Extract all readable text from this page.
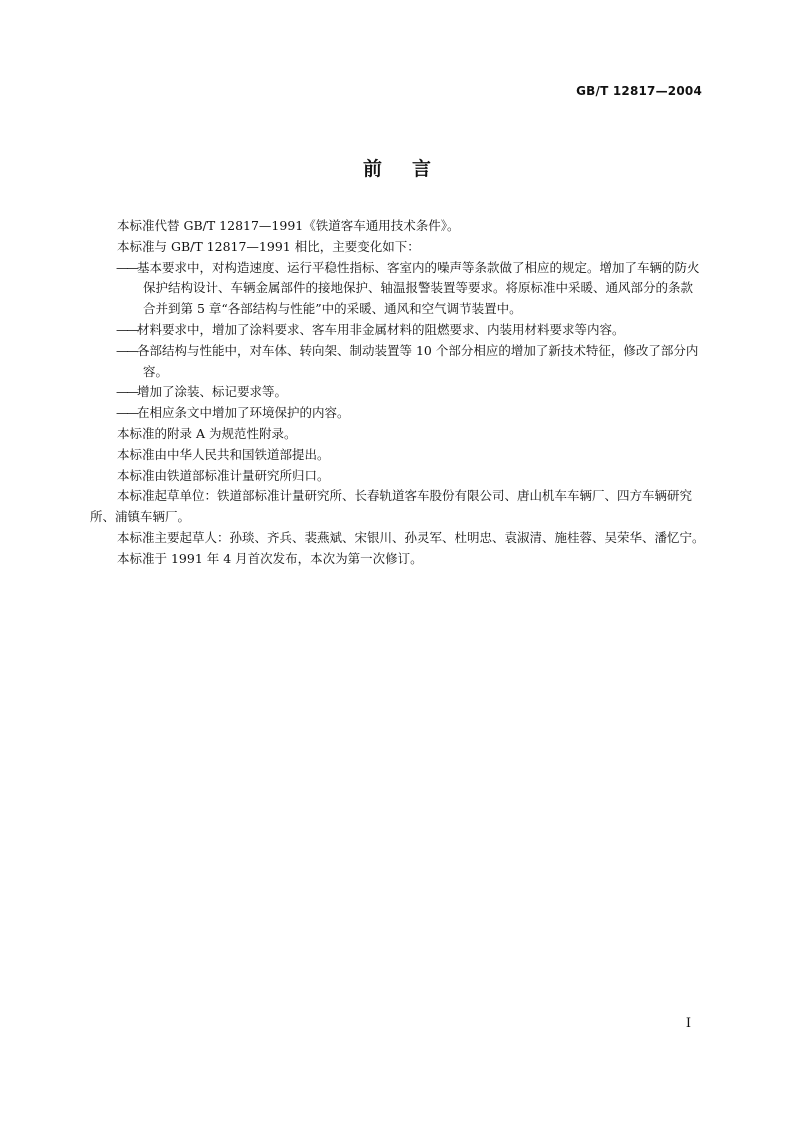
GB/T 12817—2004
前言

本标准代替 GB/T 12817—1991《铁道客车通用技术条件》。

本标准与 GB/T 12817—1991 相比，主要变化如下：

——基本要求中，对构造速度、运行平稳性指标、客室内的噪声等条款做了相应的规定。增加了车辆的防火保护结构设计、车辆金属部件的接地保护、轴温报警装置等要求。将原标准中采暖、通风部分的条款合并到第 5 章“各部结构与性能”中的采暖、通风和空气调节装置中。

——材料要求中，增加了涂料要求、客车用非金属材料的阻燃要求、内装用材料要求等内容。

——各部结构与性能中，对车体、转向架、制动装置等 10 个部分相应的增加了新技术特征，修改了部分内容。

——增加了涂装、标记要求等。

——在相应条文中增加了环境保护的内容。

本标准的附录 A 为规范性附录。

本标准由中华人民共和国铁道部提出。

本标准由铁道部标准计量研究所归口。

本标准起草单位：铁道部标准计量研究所、长春轨道客车股份有限公司、唐山机车车辆厂、四方车辆研究所、浦镇车辆厂。

本标准主要起草人：孙琰、齐兵、裴燕斌、宋银川、孙灵军、杜明忠、袁淑清、施桂蓉、吴荣华、潘忆宁。

本标准于 1991 年 4 月首次发布，本次为第一次修订。

I
